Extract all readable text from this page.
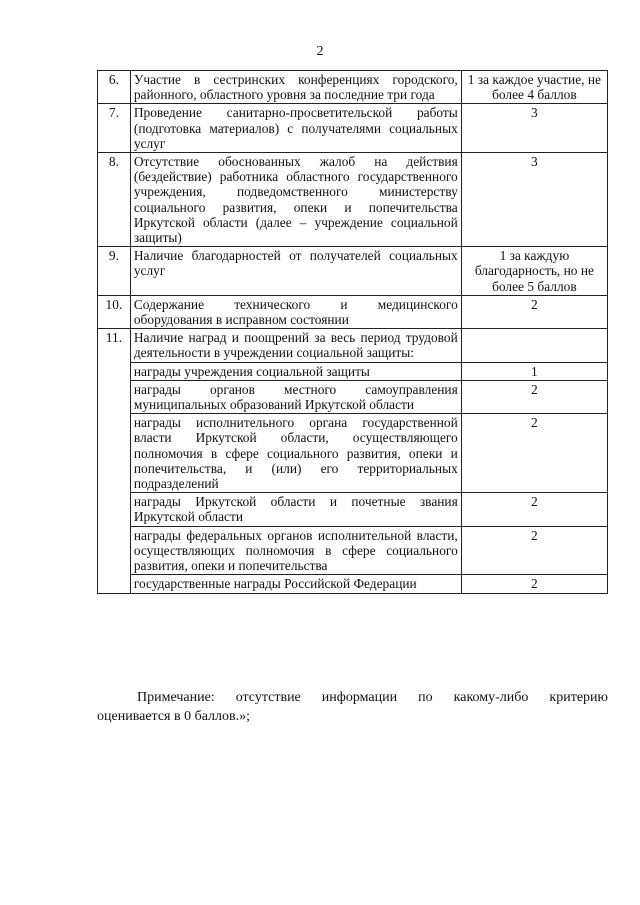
2
6.	Участие в сестринских конференциях городского, районного, областного уровня за последние три года	1 за каждое участие, не более 4 баллов
7.	Проведение санитарно-просветительской работы (подготовка материалов) с получателями социальных услуг	3
8.	Отсутствие обоснованных жалоб на действия (бездействие) работника областного государственного учреждения, подведомственного министерству социального развития, опеки и попечительства Иркутской области (далее – учреждение социальной защиты)	3
9.	Наличие благодарностей от получателей социальных услуг	1 за каждую благодарность, но не более 5 баллов
10.	Содержание технического и медицинского оборудования в исправном состоянии	2
11.	Наличие наград и поощрений за весь период трудовой деятельности в учреждении социальной защиты:	
	награды учреждения социальной защиты	1
	награды органов местного самоуправления муниципальных образований Иркутской области	2
	награды исполнительного органа государственной власти Иркутской области, осуществляющего полномочия в сфере социального развития, опеки и попечительства, и (или) его территориальных подразделений	2
	награды Иркутской области и почетные звания Иркутской области	2
	награды федеральных органов исполнительной власти, осуществляющих полномочия в сфере социального развития, опеки и попечительства	2
	государственные награды Российской Федерации	2
Примечание: отсутствие информации по какому-либо критерию
оценивается в 0 баллов.»;
